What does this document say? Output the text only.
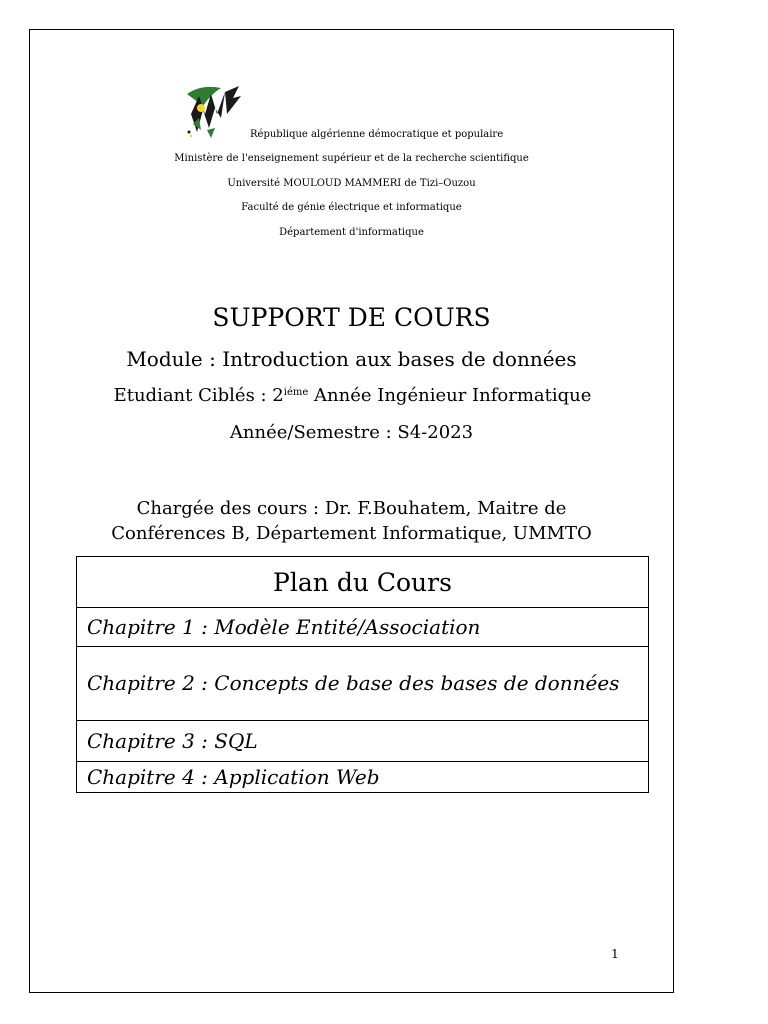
République algérienne démocratique et populaire
Ministère de l'enseignement supérieur et de la recherche scientifique
Université MOULOUD MAMMERI de Tizi–Ouzou
Faculté de génie électrique et informatique
Département d'informatique
SUPPORT DE COURS
Module : Introduction aux bases de données
Etudiant Ciblés : $2^{iéme}$ Année Ingénieur Informatique
Année/Semestre : S4-2023
Chargée des cours : Dr. F.Bouhatem, Maitre de
Conférences B, Département Informatique, UMMTO
Plan du Cours
Chapitre 1 : Modèle Entité/Association
Chapitre 2 : Concepts de base des bases de données
Chapitre 3 : SQL
Chapitre 4 : Application Web
1
